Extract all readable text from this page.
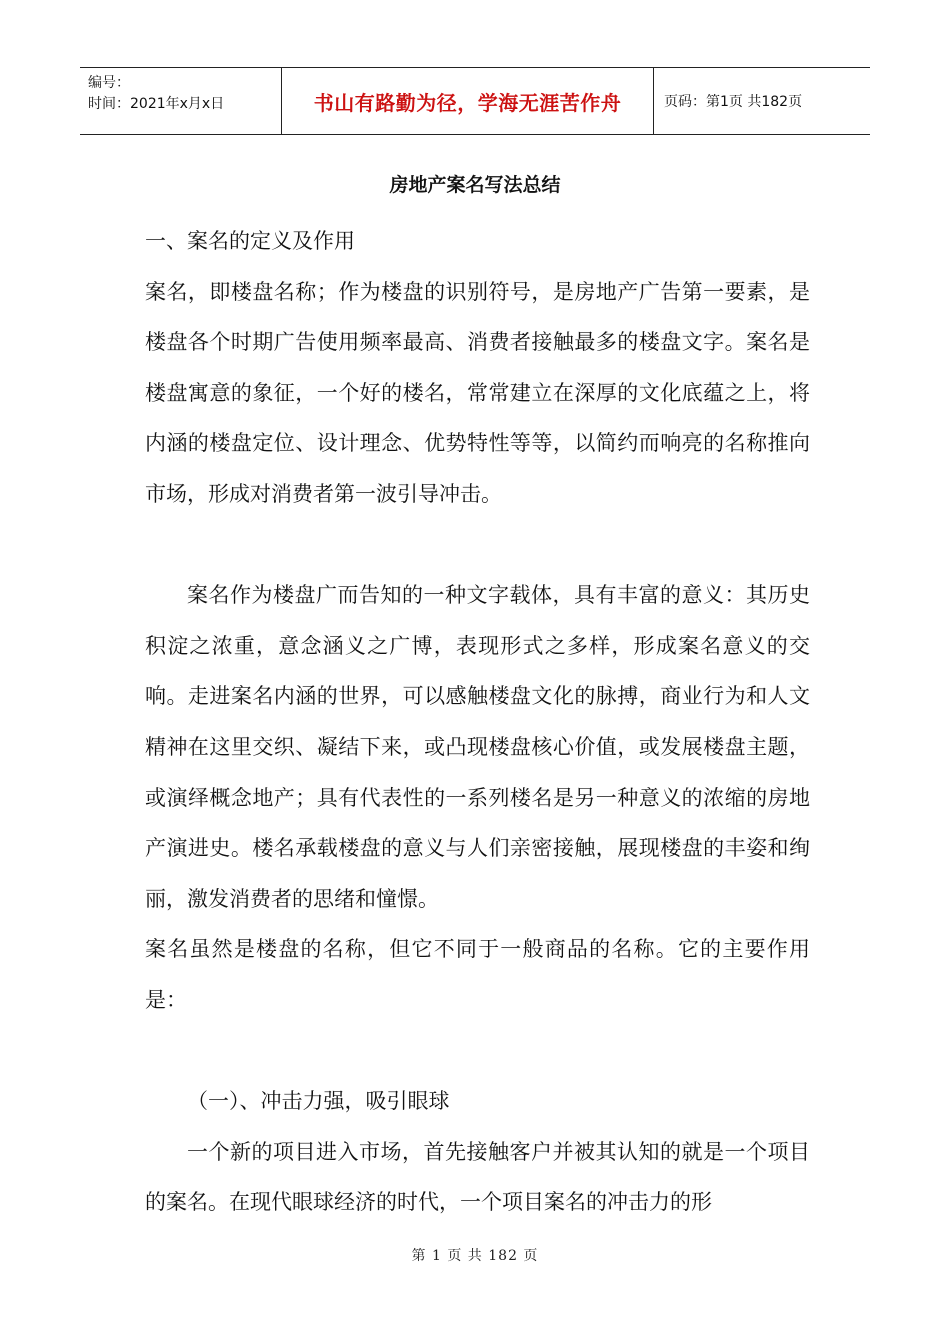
编号：
时间：2021年x月x日	书山有路勤为径，学海无涯苦作舟	页码：第1页 共182页
房地产案名写法总结

一、案名的定义及作用

案名，即楼盘名称；作为楼盘的识别符号，是房地产广告第一要素，是楼盘各个时期广告使用频率最高、消费者接触最多的楼盘文字。案名是楼盘寓意的象征，一个好的楼名，常常建立在深厚的文化底蕴之上，将内涵的楼盘定位、设计理念、优势特性等等，以简约而响亮的名称推向市场，形成对消费者第一波引导冲击。

案名作为楼盘广而告知的一种文字载体，具有丰富的意义：其历史积淀之浓重，意念涵义之广博，表现形式之多样，形成案名意义的交响。走进案名内涵的世界，可以感触楼盘文化的脉搏，商业行为和人文精神在这里交织、凝结下来，或凸现楼盘核心价值，或发展楼盘主题，或演绎概念地产；具有代表性的一系列楼名是另一种意义的浓缩的房地产演进史。楼名承载楼盘的意义与人们亲密接触，展现楼盘的丰姿和绚丽，激发消费者的思绪和憧憬。

案名虽然是楼盘的名称，但它不同于一般商品的名称。它的主要作用是：

（一）、冲击力强，吸引眼球

一个新的项目进入市场，首先接触客户并被其认知的就是一个项目的案名。在现代眼球经济的时代，一个项目案名的冲击力的形

第 1 页 共 182 页
